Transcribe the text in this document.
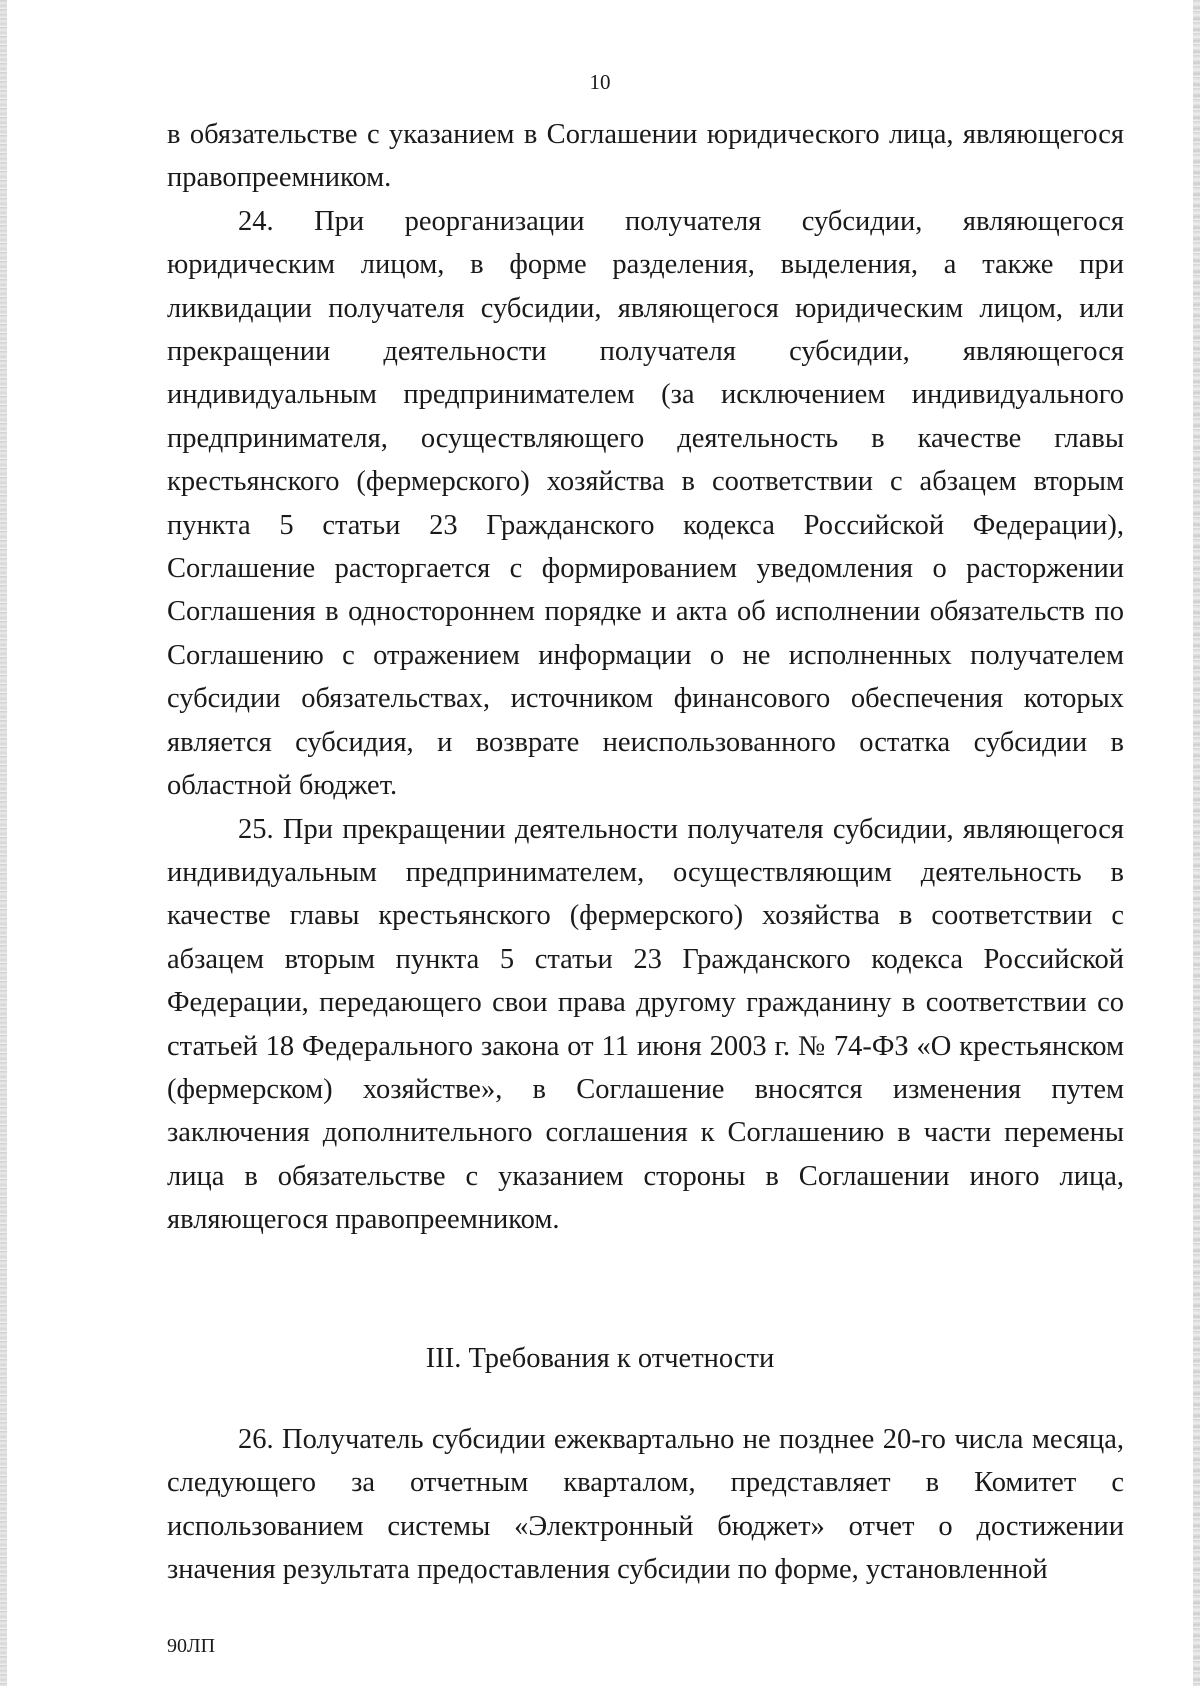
10

в обязательстве с указанием в Соглашении юридического лица, являющегося правопреемником.

24. При реорганизации получателя субсидии, являющегося юридическим лицом, в форме разделения, выделения, а также при ликвидации получателя субсидии, являющегося юридическим лицом, или прекращении деятельности получателя субсидии, являющегося индивидуальным предпринимателем (за исключением индивидуального предпринимателя, осуществляющего деятельность в качестве главы крестьянского (фермерского) хозяйства в соответствии с абзацем вторым пункта 5 статьи 23 Гражданского кодекса Российской Федерации), Соглашение расторгается с формированием уведомления о расторжении Соглашения в одностороннем порядке и акта об исполнении обязательств по Соглашению с отражением информации о не исполненных получателем субсидии обязательствах, источником финансового обеспечения которых является субсидия, и возврате неиспользованного остатка субсидии в областной бюджет.

25. При прекращении деятельности получателя субсидии, являющегося индивидуальным предпринимателем, осуществляющим деятельность в качестве главы крестьянского (фермерского) хозяйства в соответствии с абзацем вторым пункта 5 статьи 23 Гражданского кодекса Российской Федерации, передающего свои права другому гражданину в соответствии со статьей 18 Федерального закона от 11 июня 2003 г. № 74-ФЗ «О крестьянском (фермерском) хозяйстве», в Соглашение вносятся изменения путем заключения дополнительного соглашения к Соглашению в части перемены лица в обязательстве с указанием стороны в Соглашении иного лица, являющегося правопреемником.

III. Требования к отчетности

26. Получатель субсидии ежеквартально не позднее 20-го числа месяца, следующего за отчетным кварталом, представляет в Комитет с использованием системы «Электронный бюджет» отчет о достижении значения результата предоставления субсидии по форме, установленной

90ЛП
